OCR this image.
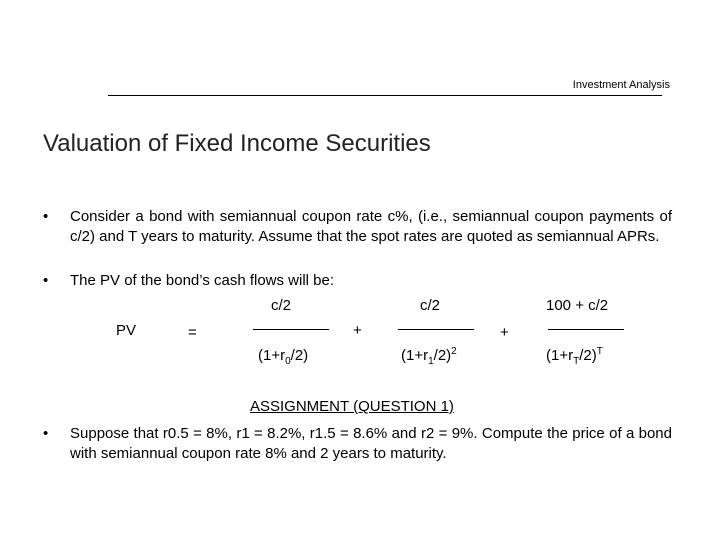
Investment Analysis
Valuation of Fixed Income Securities
• Consider a bond with semiannual coupon rate c%, (i.e., semiannual coupon payments of c/2) and T years to maturity. Assume that the spot rates are quoted as semiannual APRs.
• The PV of the bond’s cash flows will be:
PV	=
c/2
$(1+r_0/2)$
+
c/2
$(1+r_1/2)^2$
+
100 + c/2
$(1+r_T/2)^T$
ASSIGNMENT (QUESTION 1)
• Suppose that r0.5 = 8%, r1 = 8.2%, r1.5 = 8.6% and r2 = 9%. Compute the price of a bond with semiannual coupon rate 8% and 2 years to maturity.
